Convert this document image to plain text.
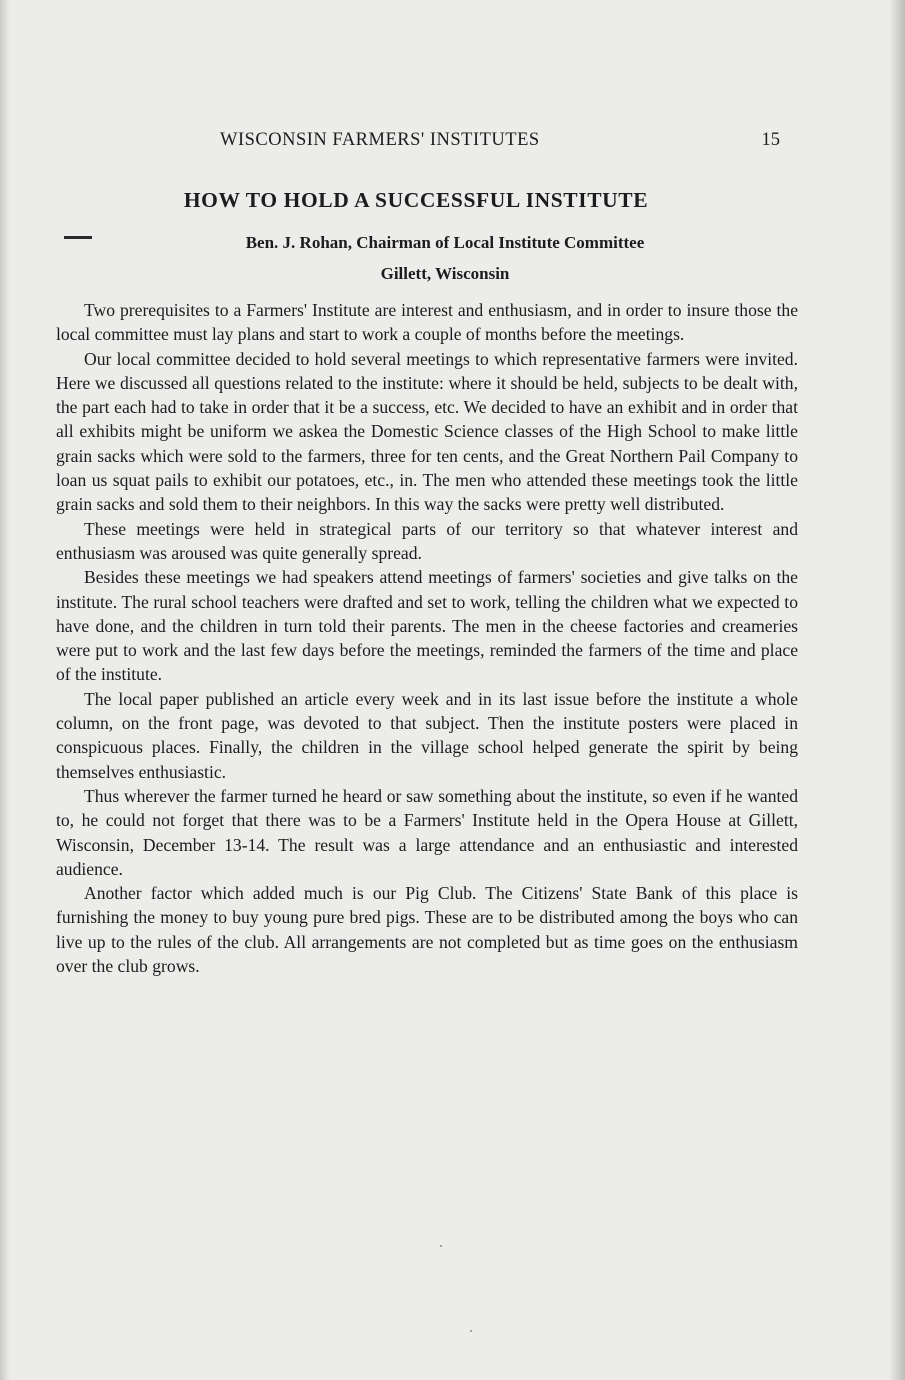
WISCONSIN FARMERS' INSTITUTES	15
HOW TO HOLD A SUCCESSFUL INSTITUTE
Ben. J. Rohan, Chairman of Local Institute Committee
Gillett, Wisconsin

Two prerequisites to a Farmers' Institute are interest and enthusiasm, and in order to insure those the local committee must lay plans and start to work a couple of months before the meetings.

Our local committee decided to hold several meetings to which representative farmers were invited. Here we discussed all questions related to the institute: where it should be held, subjects to be dealt with, the part each had to take in order that it be a success, etc. We decided to have an exhibit and in order that all exhibits might be uniform we askea the Domestic Science classes of the High School to make little grain sacks which were sold to the farmers, three for ten cents, and the Great Northern Pail Company to loan us squat pails to exhibit our potatoes, etc., in. The men who attended these meetings took the little grain sacks and sold them to their neighbors. In this way the sacks were pretty well distributed.

These meetings were held in strategical parts of our territory so that whatever interest and enthusiasm was aroused was quite generally spread.

Besides these meetings we had speakers attend meetings of farmers' societies and give talks on the institute. The rural school teachers were drafted and set to work, telling the children what we expected to have done, and the children in turn told their parents. The men in the cheese factories and creameries were put to work and the last few days before the meetings, reminded the farmers of the time and place of the institute.

The local paper published an article every week and in its last issue before the institute a whole column, on the front page, was devoted to that subject. Then the institute posters were placed in conspicuous places. Finally, the children in the village school helped generate the spirit by being themselves enthusiastic.

Thus wherever the farmer turned he heard or saw something about the institute, so even if he wanted to, he could not forget that there was to be a Farmers' Institute held in the Opera House at Gillett, Wisconsin, December 13-14. The result was a large attendance and an enthusiastic and interested audience.

Another factor which added much is our Pig Club. The Citizens' State Bank of this place is furnishing the money to buy young pure bred pigs. These are to be distributed among the boys who can live up to the rules of the club. All arrangements are not completed but as time goes on the enthusiasm over the club grows.
